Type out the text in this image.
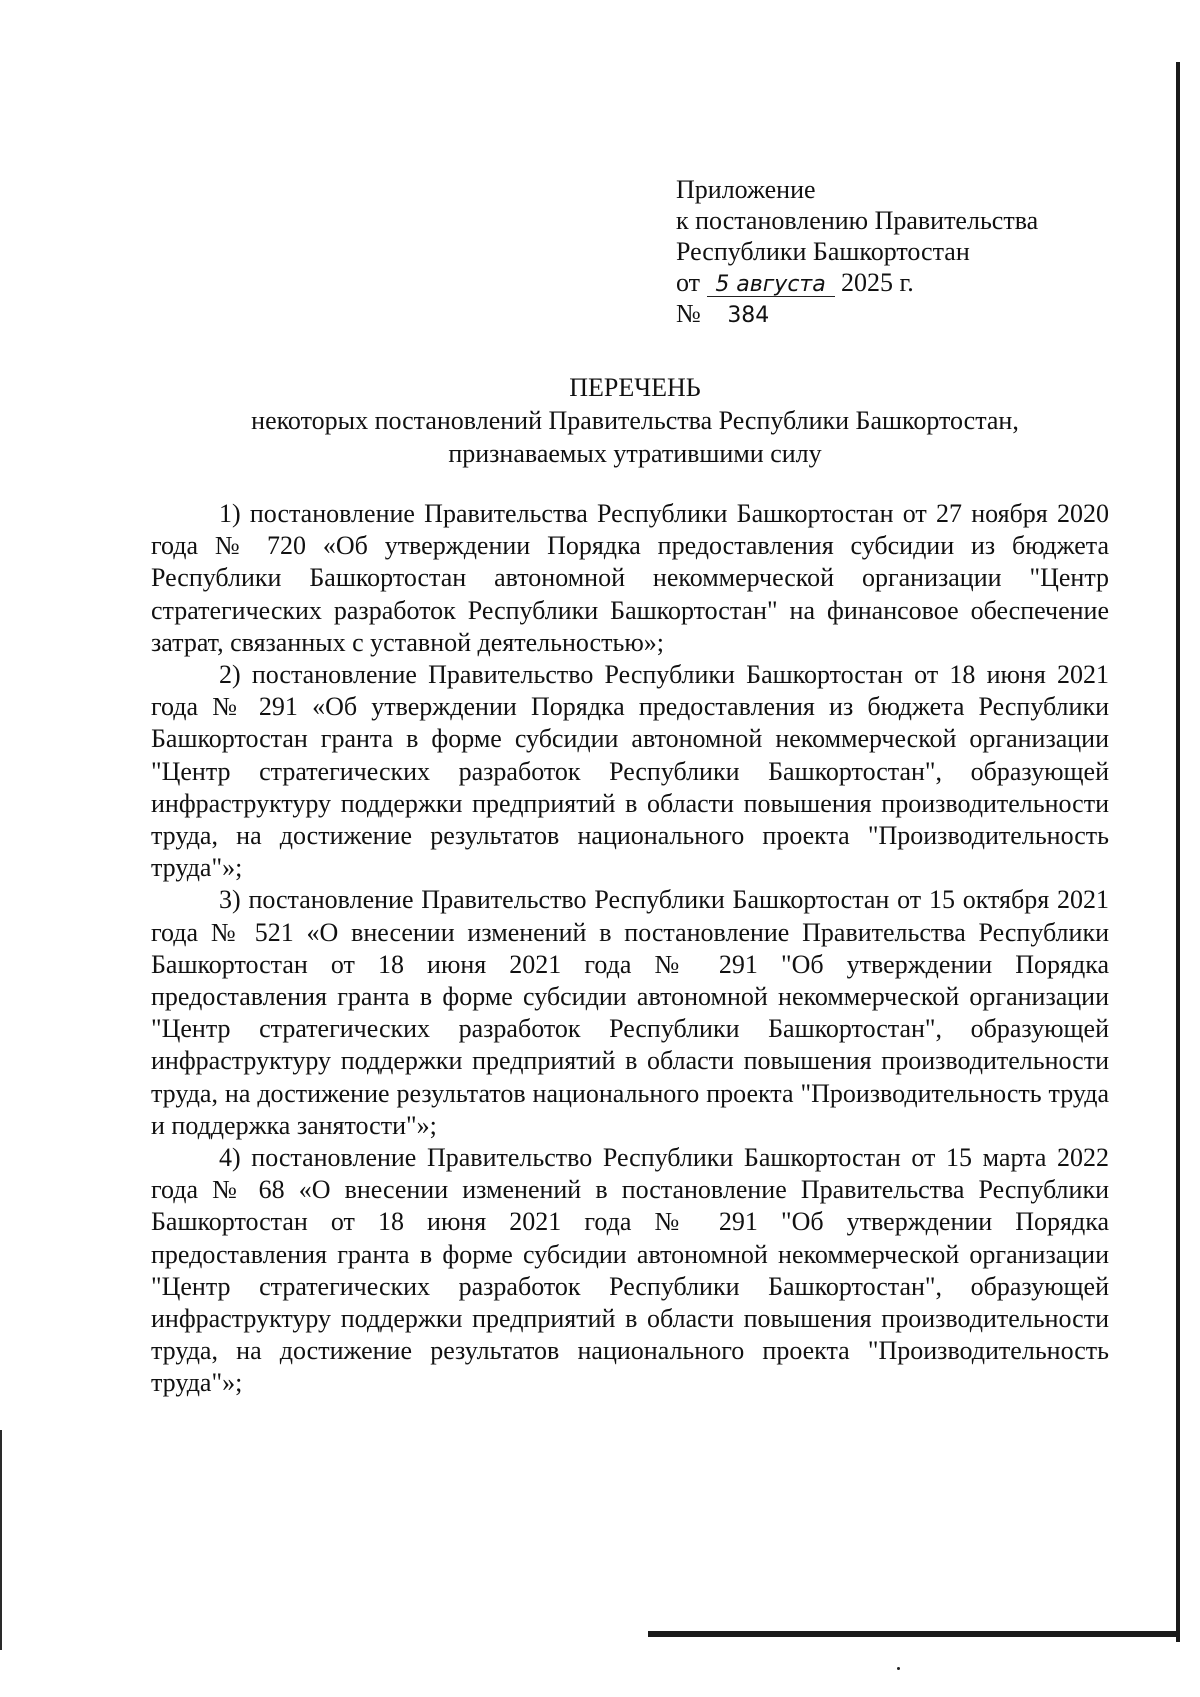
Приложение
к постановлению Правительства
Республики Башкортостан
от 5 августа 2025 г.
№ 384
ПЕРЕЧЕНЬ
некоторых постановлений Правительства Республики Башкортостан,
признаваемых утратившими силу

1) постановление Правительства Республики Башкортостан от 27 ноября 2020 года № 720 «Об утверждении Порядка предоставления субсидии из бюджета Республики Башкортостан автономной некоммерческой организации "Центр стратегических разработок Республики Башкортостан" на финансовое обеспечение затрат, связанных с уставной деятельностью»;

2) постановление Правительство Республики Башкортостан от 18 июня 2021 года № 291 «Об утверждении Порядка предоставления из бюджета Республики Башкортостан гранта в форме субсидии автономной некоммерческой организации "Центр стратегических разработок Республики Башкортостан", образующей инфраструктуру поддержки предприятий в области повышения производительности труда, на достижение результатов национального проекта "Производительность труда"»;

3) постановление Правительство Республики Башкортостан от 15 октября 2021 года № 521 «О внесении изменений в постановление Правительства Республики Башкортостан от 18 июня 2021 года № 291 "Об утверждении Порядка предоставления гранта в форме субсидии автономной некоммерческой организации "Центр стратегических разработок Республики Башкортостан", образующей инфраструктуру поддержки предприятий в области повышения производительности труда, на достижение результатов национального проекта "Производительность труда и поддержка занятости"»;

4) постановление Правительство Республики Башкортостан от 15 марта 2022 года № 68 «О внесении изменений в постановление Правительства Республики Башкортостан от 18 июня 2021 года № 291 "Об утверждении Порядка предоставления гранта в форме субсидии автономной некоммерческой организации "Центр стратегических разработок Республики Башкортостан", образующей инфраструктуру поддержки предприятий в области повышения производительности труда, на достижение результатов национального проекта "Производительность труда"»;
